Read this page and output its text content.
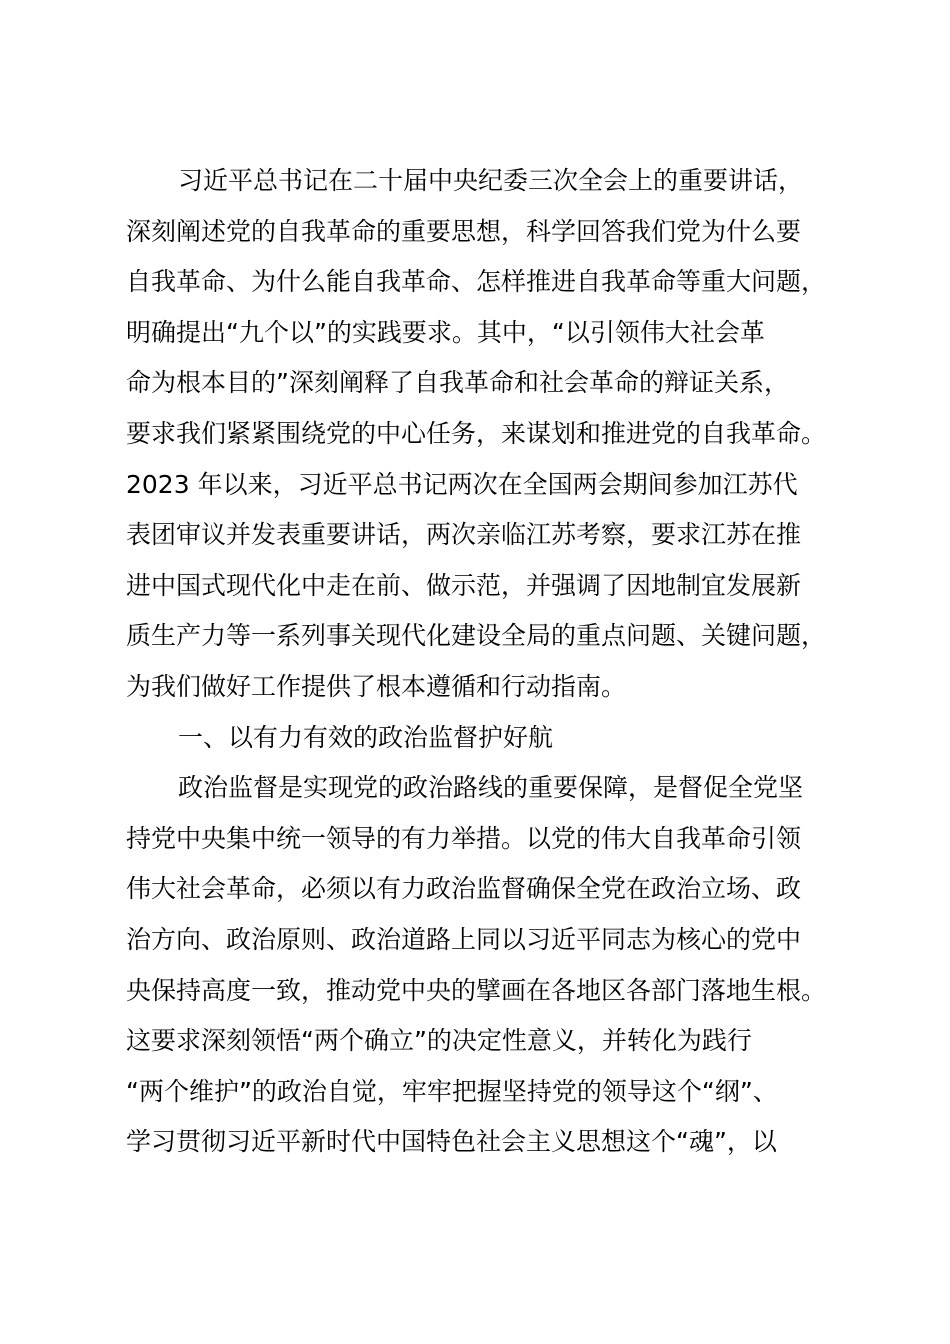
习近平总书记在二十届中央纪委三次全会上的重要讲话，
深刻阐述党的自我革命的重要思想，科学回答我们党为什么要
自我革命、为什么能自我革命、怎样推进自我革命等重大问题，
明确提出“九个以”的实践要求。其中，“以引领伟大社会革
命为根本目的”深刻阐释了自我革命和社会革命的辩证关系，
要求我们紧紧围绕党的中心任务，来谋划和推进党的自我革命。
2023 年以来，习近平总书记两次在全国两会期间参加江苏代
表团审议并发表重要讲话，两次亲临江苏考察，要求江苏在推
进中国式现代化中走在前、做示范，并强调了因地制宜发展新
质生产力等一系列事关现代化建设全局的重点问题、关键问题，
为我们做好工作提供了根本遵循和行动指南。
一、以有力有效的政治监督护好航
政治监督是实现党的政治路线的重要保障，是督促全党坚
持党中央集中统一领导的有力举措。以党的伟大自我革命引领
伟大社会革命，必须以有力政治监督确保全党在政治立场、政
治方向、政治原则、政治道路上同以习近平同志为核心的党中
央保持高度一致，推动党中央的擘画在各地区各部门落地生根。
这要求深刻领悟“两个确立”的决定性意义，并转化为践行
“两个维护”的政治自觉，牢牢把握坚持党的领导这个“纲”、
学习贯彻习近平新时代中国特色社会主义思想这个“魂”，以
